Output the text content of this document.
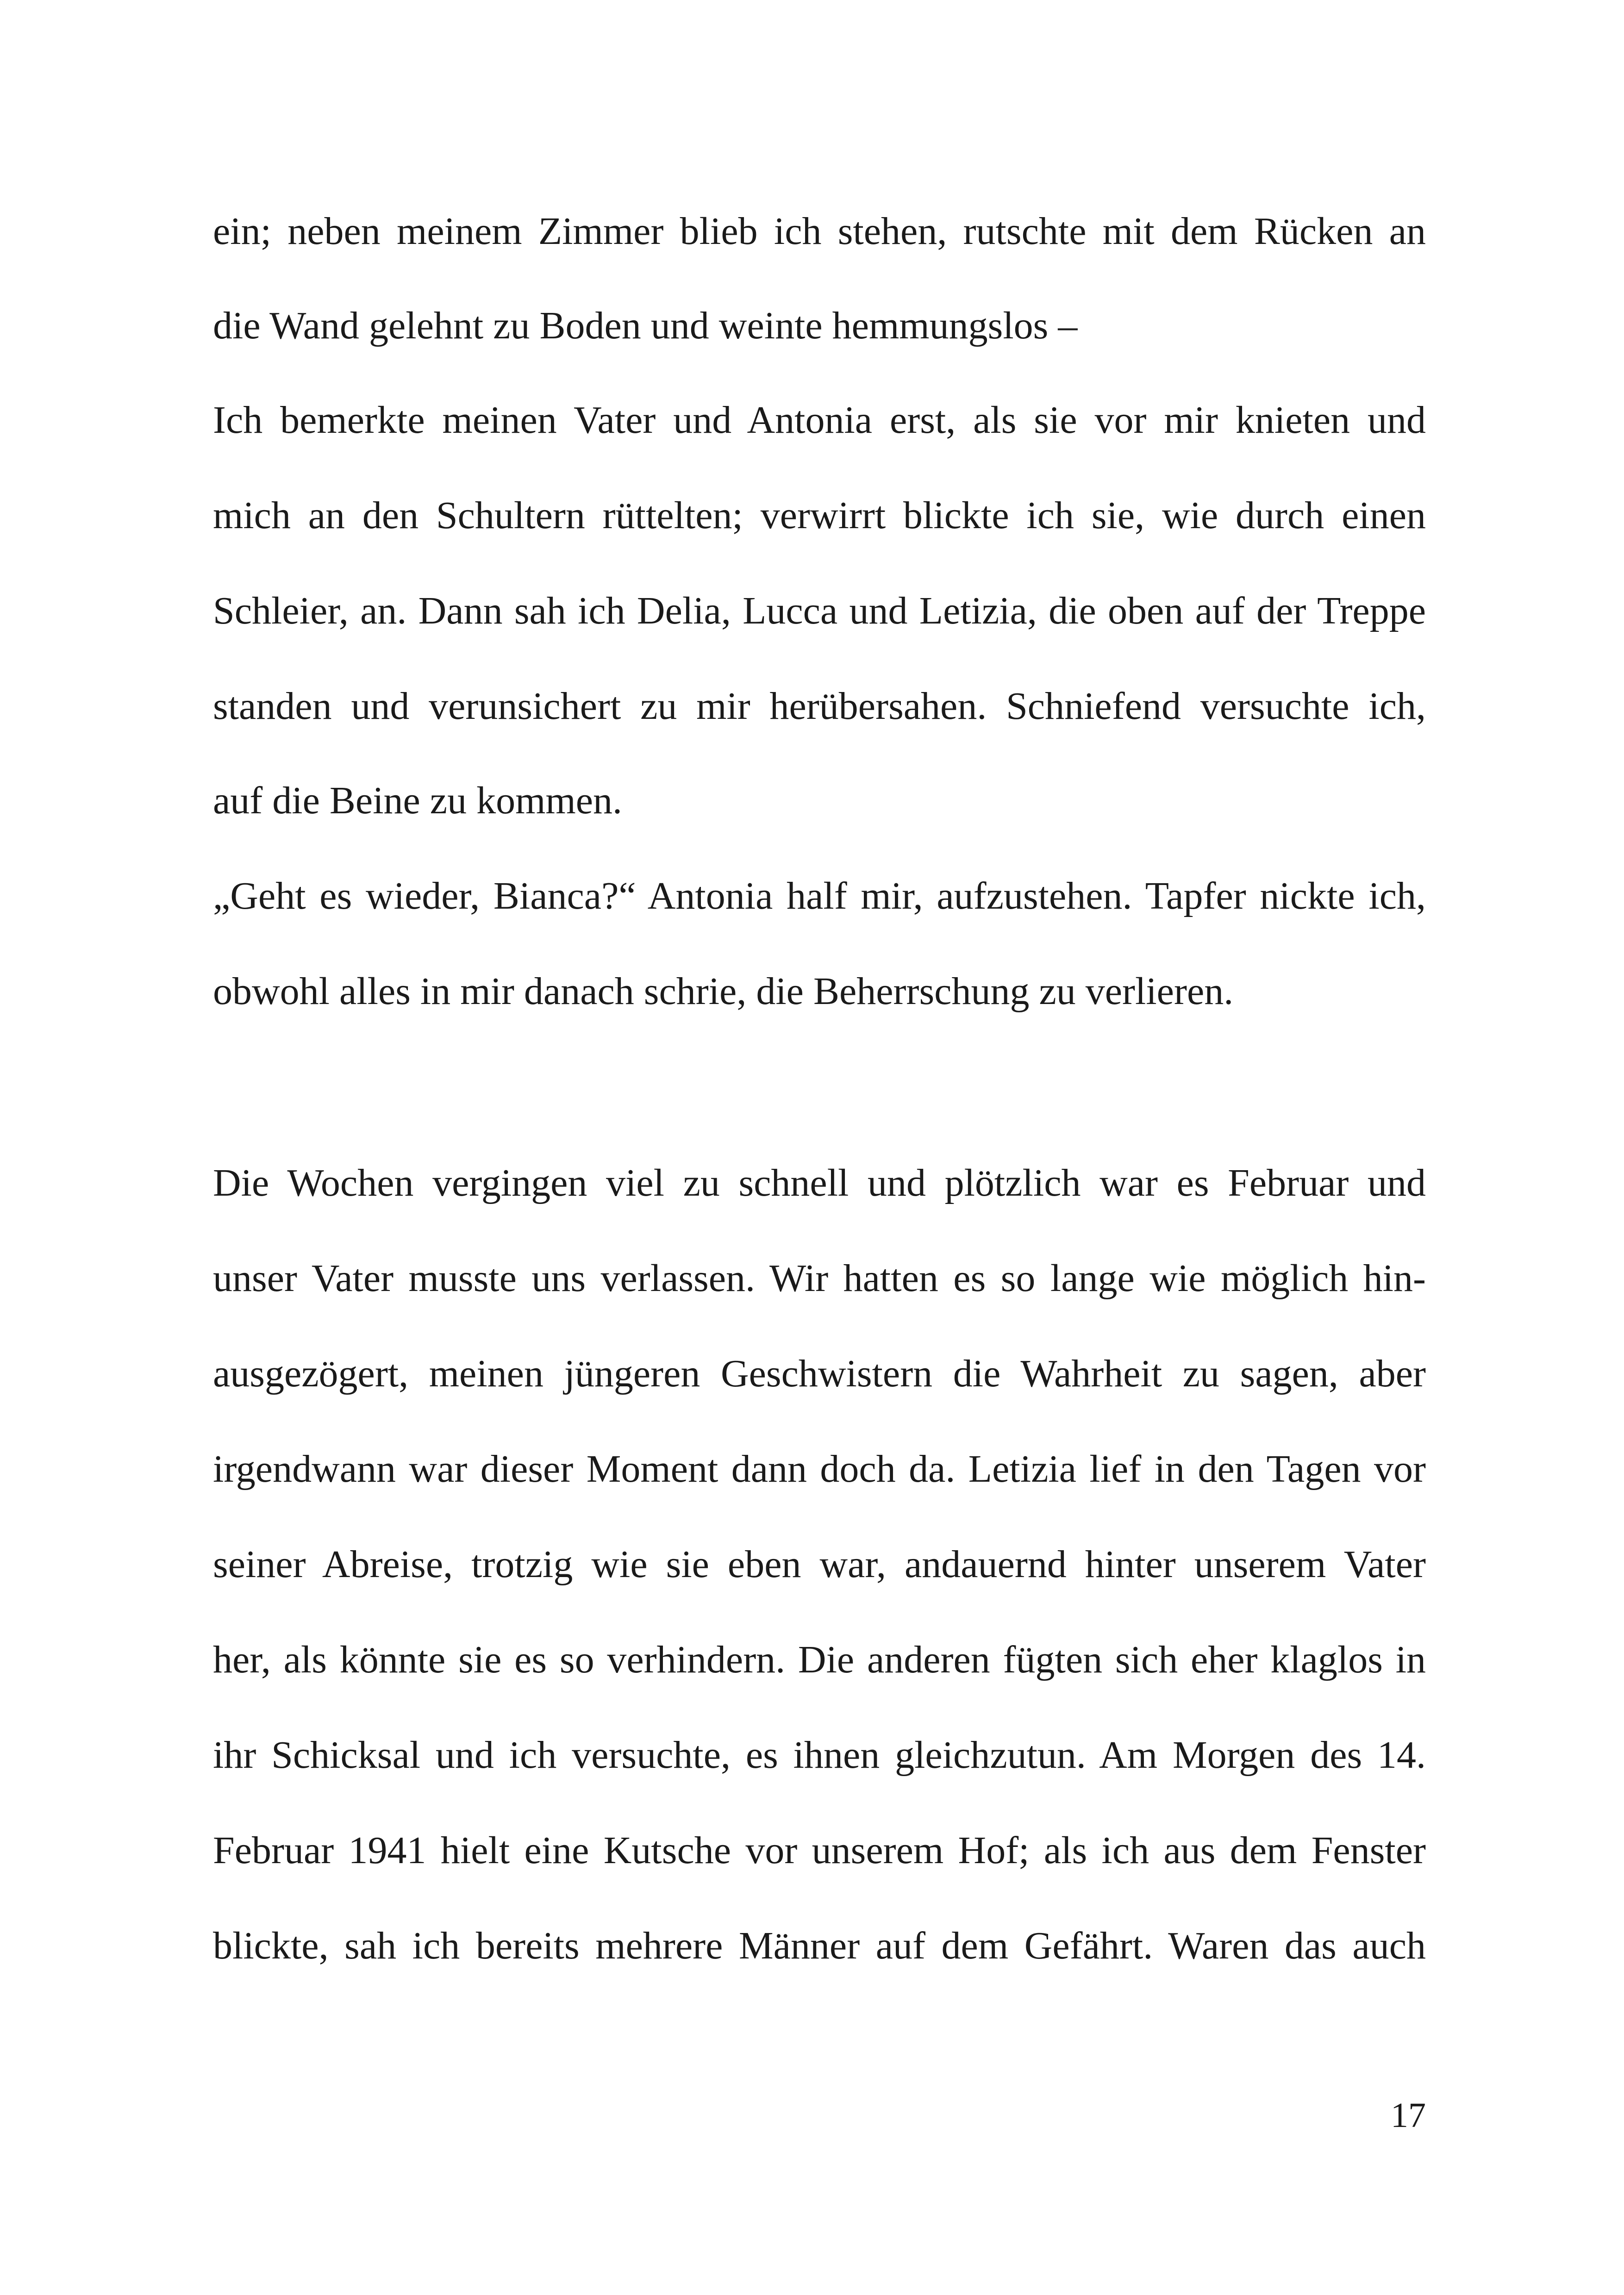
ein; neben meinem Zimmer blieb ich stehen, rutschte mit dem Rücken an
die Wand gelehnt zu Boden und weinte hemmungslos –
Ich bemerkte meinen Vater und Antonia erst, als sie vor mir knieten und
mich an den Schultern rüttelten; verwirrt blickte ich sie, wie durch einen
Schleier, an. Dann sah ich Delia, Lucca und Letizia, die oben auf der Treppe
standen und verunsichert zu mir herübersahen. Schniefend versuchte ich,
auf die Beine zu kommen.
„Geht es wieder, Bianca?“ Antonia half mir, aufzustehen. Tapfer nickte ich,
obwohl alles in mir danach schrie, die Beherrschung zu verlieren.
Die Wochen vergingen viel zu schnell und plötzlich war es Februar und
unser Vater musste uns verlassen. Wir hatten es so lange wie möglich hin-
ausgezögert, meinen jüngeren Geschwistern die Wahrheit zu sagen, aber
irgendwann war dieser Moment dann doch da. Letizia lief in den Tagen vor
seiner Abreise, trotzig wie sie eben war, andauernd hinter unserem Vater
her, als könnte sie es so verhindern. Die anderen fügten sich eher klaglos in
ihr Schicksal und ich versuchte, es ihnen gleichzutun. Am Morgen des 14.
Februar 1941 hielt eine Kutsche vor unserem Hof; als ich aus dem Fenster
blickte, sah ich bereits mehrere Männer auf dem Gefährt. Waren das auch
17
